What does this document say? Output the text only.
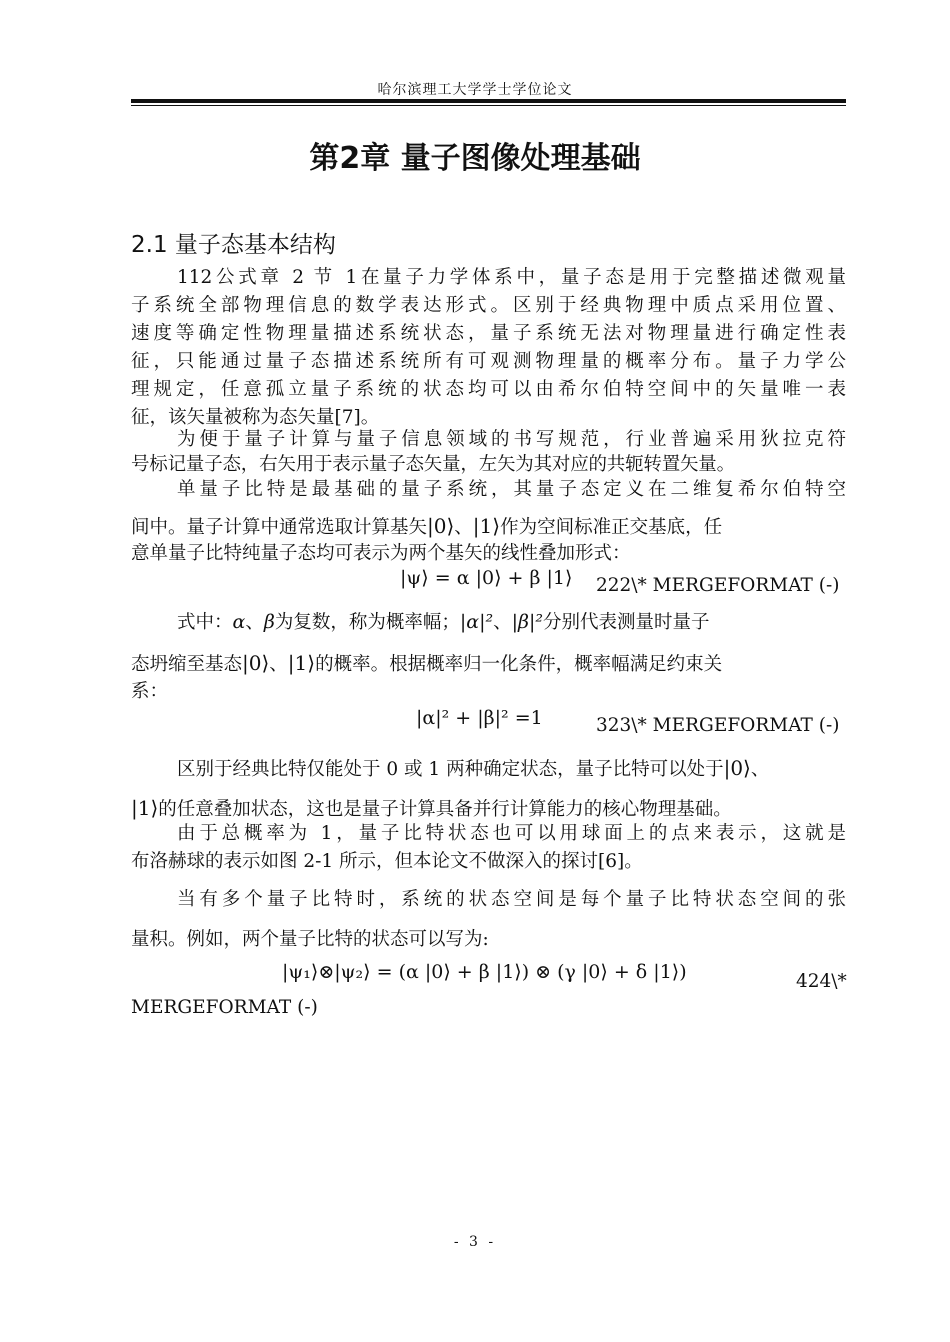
哈尔滨理工大学学士学位论文
第2章 量子图像处理基础
2.1 量子态基本结构
112公式章 2 节 1在量子力学体系中，量子态是用于完整描述微观量
子系统全部物理信息的数学表达形式。区别于经典物理中质点采用位置、
速度等确定性物理量描述系统状态，量子系统无法对物理量进行确定性表
征，只能通过量子态描述系统所有可观测物理量的概率分布。量子力学公
理规定，任意孤立量子系统的状态均可以由希尔伯特空间中的矢量唯一表
征，该矢量被称为态矢量[7]。
为便于量子计算与量子信息领域的书写规范，行业普遍采用狄拉克符
号标记量子态，右矢用于表示量子态矢量，左矢为其对应的共轭转置矢量。
单量子比特是最基础的量子系统，其量子态定义在二维复希尔伯特空
间中。量子计算中通常选取计算基矢|0⟩、|1⟩作为空间标准正交基底，任
意单量子比特纯量子态均可表示为两个基矢的线性叠加形式：
|ψ⟩ = α |0⟩ + β |1⟩ 222\* MERGEFORMAT (-)
式中：α、β为复数，称为概率幅；|α|²、|β|²分别代表测量时量子
态坍缩至基态|0⟩、|1⟩的概率。根据概率归一化条件，概率幅满足约束关
系：
|α|² + |β|² =1	323\* MERGEFORMAT (-)
区别于经典比特仅能处于 0 或 1 两种确定状态，量子比特可以处于|0⟩、
|1⟩的任意叠加状态，这也是量子计算具备并行计算能力的核心物理基础。
由于总概率为 1，量子比特状态也可以用球面上的点来表示，这就是
布洛赫球的表示如图 2-1 所示，但本论文不做深入的探讨[6]。
当有多个量子比特时，系统的状态空间是每个量子比特状态空间的张
量积。例如，两个量子比特的状态可以写为:
|ψ₁⟩⊗|ψ₂⟩ = (α |0⟩ + β |1⟩) ⊗ (γ |0⟩ + δ |1⟩)	424\*
MERGEFORMAT (-)
- 3 -
